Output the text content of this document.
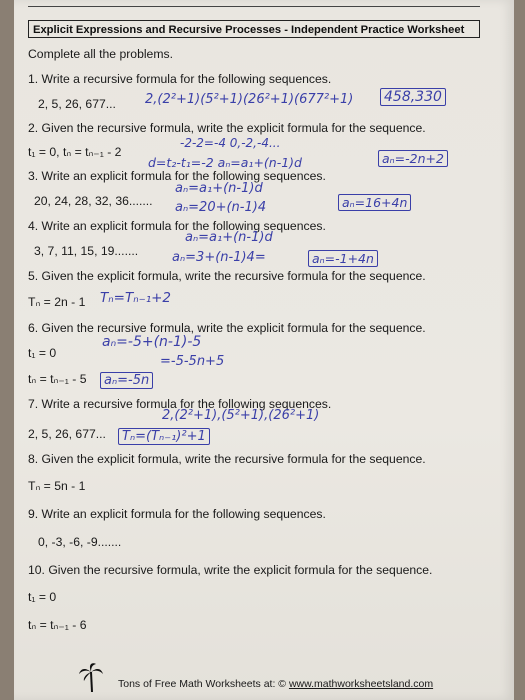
Explicit Expressions and Recursive Processes - Independent Practice Worksheet
Complete all the problems.
1. Write a recursive formula for the following sequences.
2, 5, 26, 677... 2,(2²+1)(5²+1)(26²+1)(677²+1) 458,330
2. Given the recursive formula, write the explicit formula for the sequence.
-2-2=-4 0,-2,-4...
t₁ = 0, tₙ = tₙ₋₁ - 2
d=t₂-t₁=-2 aₙ=a₁+(n-1)d	aₙ=-2n+2
3. Write an explicit formula for the following sequences.
aₙ=a₁+(n-1)d
20, 24, 28, 32, 36....... aₙ=20+(n-1)4	aₙ=16+4n
4. Write an explicit formula for the following sequences.
aₙ=a₁+(n-1)d
3, 7, 11, 15, 19.......	aₙ=3+(n-1)4=	aₙ=-1+4n
5. Given the explicit formula, write the recursive formula for the sequence.
Tₙ = 2n - 1 Tₙ=Tₙ₋₁+2
6. Given the recursive formula, write the explicit formula for the sequence.
aₙ=-5+(n-1)-5
t₁ = 0
=-5-5n+5
tₙ = tₙ₋₁ - 5	aₙ=-5n
7. Write a recursive formula for the following sequences.
2,(2²+1),(5²+1),(26²+1)
2, 5, 26, 677...	Tₙ=(Tₙ₋₁)²+1
8. Given the explicit formula, write the recursive formula for the sequence.
Tₙ = 5n - 1
9. Write an explicit formula for the following sequences.
0, -3, -6, -9.......
10. Given the recursive formula, write the explicit formula for the sequence.
t₁ = 0
tₙ = tₙ₋₁ - 6
Tons of Free Math Worksheets at: © www.mathworksheetsland.com
